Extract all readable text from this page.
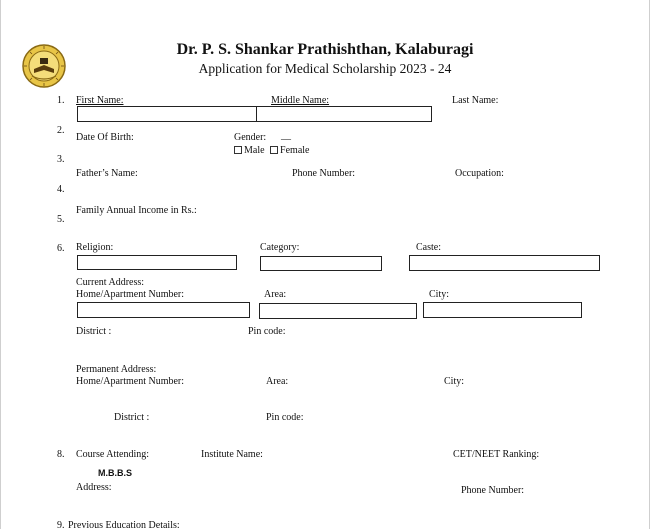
Dr. P. S. Shankar Prathishthan, Kalaburagi
Application for Medical Scholarship 2023 - 24
1. First Name:	Middle Name:	Last Name:
2.
Date Of Birth:	Gender: __
Male Female
3.
Father’s Name:	Phone Number:	Occupation:
4.
Family Annual Income in Rs.:
5.
6. Religion:	Category:	Caste:
Current Address:
Home/Apartment Number:	Area:	City:
District :	Pin code:
Permanent Address:
Home/Apartment Number:	Area:	City:
District :	Pin code:
8. Course Attending:	Institute Name:	CET/NEET Ranking:
M.B.B.S
Address:	Phone Number:
9. Previous Education Details:
